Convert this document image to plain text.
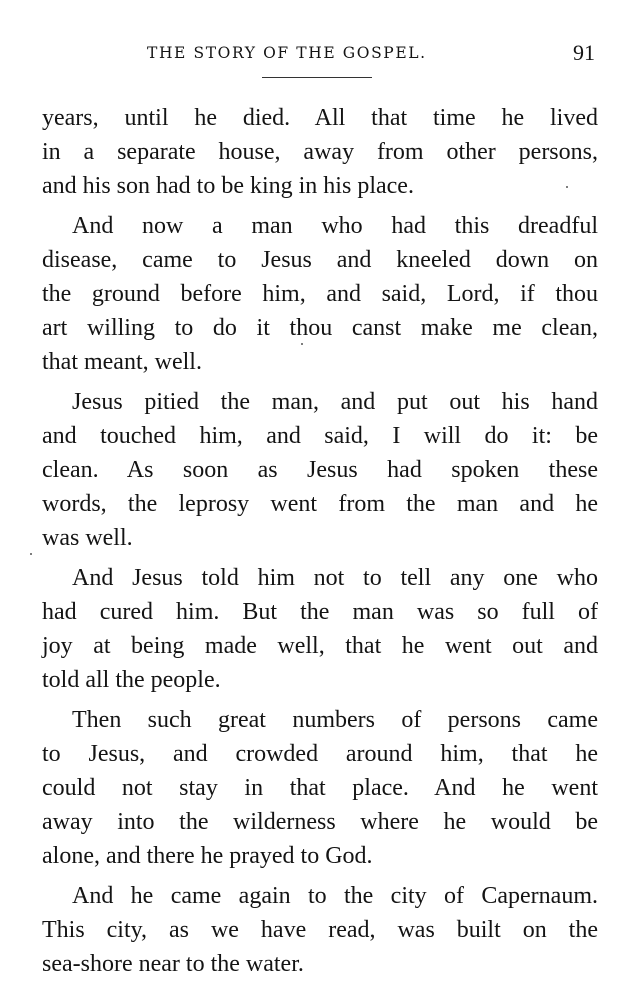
THE STORY OF THE GOSPEL.	91
years, until he died. All that time he lived
in a separate house, away from other persons,
and his son had to be king in his place.
And now a man who had this dreadful
disease, came to Jesus and kneeled down on
the ground before him, and said, Lord, if thou
art willing to do it thou canst make me clean,
that meant, well.
Jesus pitied the man, and put out his hand
and touched him, and said, I will do it: be
clean. As soon as Jesus had spoken these
words, the leprosy went from the man and he
was well.
And Jesus told him not to tell any one who
had cured him. But the man was so full of
joy at being made well, that he went out and
told all the people.
Then such great numbers of persons came
to Jesus, and crowded around him, that he
could not stay in that place. And he went
away into the wilderness where he would be
alone, and there he prayed to God.
And he came again to the city of Capernaum.
This city, as we have read, was built on the
sea-shore near to the water.
